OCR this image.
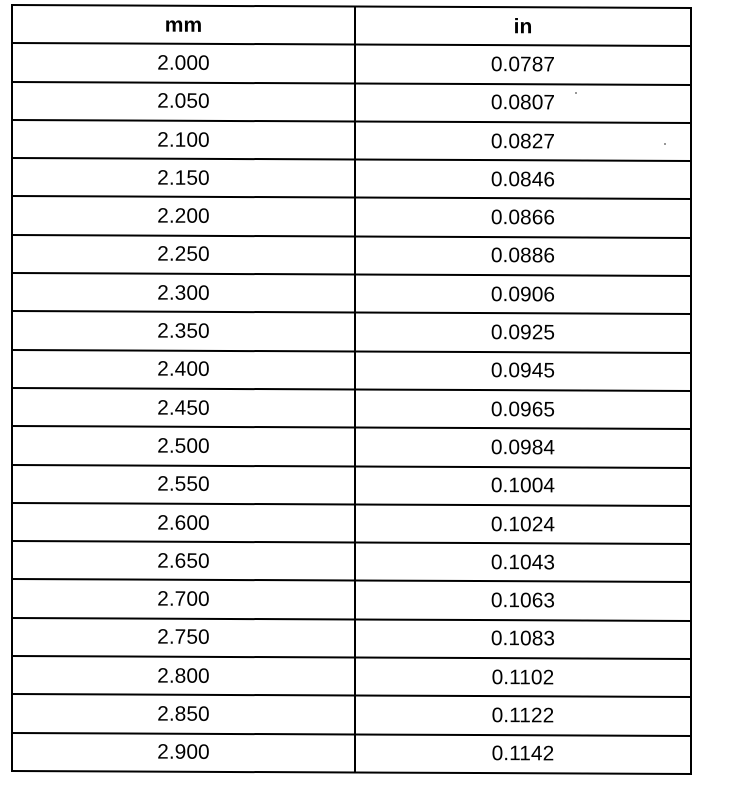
mm	in
2.000	0.0787
2.050	0.0807
2.100	0.0827
2.150	0.0846
2.200	0.0866
2.250	0.0886
2.300	0.0906
2.350	0.0925
2.400	0.0945
2.450	0.0965
2.500	0.0984
2.550	0.1004
2.600	0.1024
2.650	0.1043
2.700	0.1063
2.750	0.1083
2.800	0.1102
2.850	0.1122
2.900	0.1142
